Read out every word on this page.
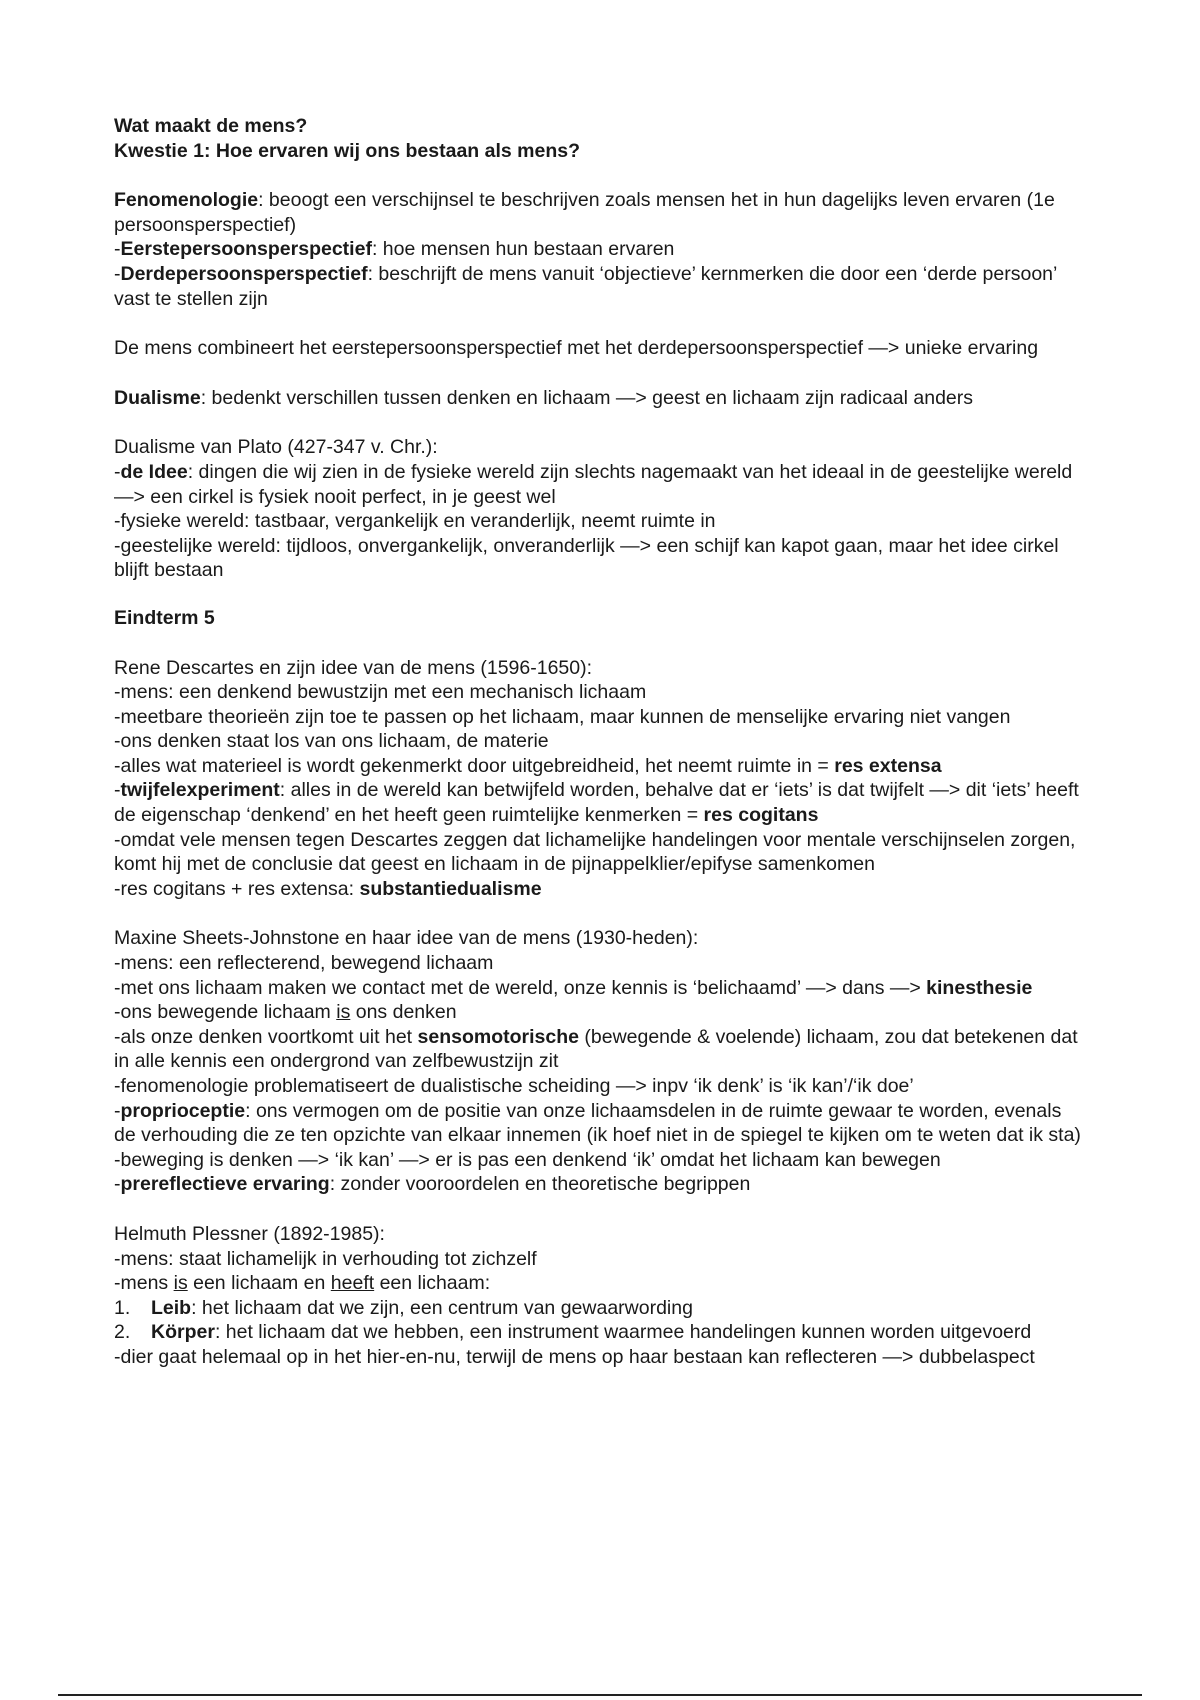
Wat maakt de mens?

Kwestie 1: Hoe ervaren wij ons bestaan als mens?

Fenomenologie: beoogt een verschijnsel te beschrijven zoals mensen het in hun dagelijks leven ervaren (1e persoonsperspectief)

-Eerstepersoonsperspectief: hoe mensen hun bestaan ervaren

-Derdepersoonsperspectief: beschrijft de mens vanuit ‘objectieve’ kernmerken die door een ‘derde persoon’ vast te stellen zijn

De mens combineert het eerstepersoonsperspectief met het derdepersoonsperspectief —> unieke ervaring

Dualisme: bedenkt verschillen tussen denken en lichaam —> geest en lichaam zijn radicaal anders

Dualisme van Plato (427-347 v. Chr.):

-de Idee: dingen die wij zien in de fysieke wereld zijn slechts nagemaakt van het ideaal in de geestelijke wereld —> een cirkel is fysiek nooit perfect, in je geest wel

-fysieke wereld: tastbaar, vergankelijk en veranderlijk, neemt ruimte in

-geestelijke wereld: tijdloos, onvergankelijk, onveranderlijk —> een schijf kan kapot gaan, maar het idee cirkel blijft bestaan

Eindterm 5

Rene Descartes en zijn idee van de mens (1596-1650):

-mens: een denkend bewustzijn met een mechanisch lichaam

-meetbare theorieën zijn toe te passen op het lichaam, maar kunnen de menselijke ervaring niet vangen

-ons denken staat los van ons lichaam, de materie

-alles wat materieel is wordt gekenmerkt door uitgebreidheid, het neemt ruimte in = res extensa

-twijfelexperiment: alles in de wereld kan betwijfeld worden, behalve dat er ‘iets’ is dat twijfelt —> dit ‘iets’ heeft de eigenschap ‘denkend’ en het heeft geen ruimtelijke kenmerken = res cogitans

-omdat vele mensen tegen Descartes zeggen dat lichamelijke handelingen voor mentale verschijnselen zorgen, komt hij met de conclusie dat geest en lichaam in de pijnappelklier/epifyse samenkomen

-res cogitans + res extensa: substantiedualisme

Maxine Sheets-Johnstone en haar idee van de mens (1930-heden):

-mens: een reflecterend, bewegend lichaam

-met ons lichaam maken we contact met de wereld, onze kennis is ‘belichaamd’ —> dans —> kinesthesie

-ons bewegende lichaam is ons denken

-als onze denken voortkomt uit het sensomotorische (bewegende & voelende) lichaam, zou dat betekenen dat in alle kennis een ondergrond van zelfbewustzijn zit

-fenomenologie problematiseert de dualistische scheiding —> inpv ‘ik denk’ is ‘ik kan’/‘ik doe’

-proprioceptie: ons vermogen om de positie van onze lichaamsdelen in de ruimte gewaar te worden, evenals de verhouding die ze ten opzichte van elkaar innemen (ik hoef niet in de spiegel te kijken om te weten dat ik sta)

-beweging is denken —> ‘ik kan’ —> er is pas een denkend ‘ik’ omdat het lichaam kan bewegen

-prereflectieve ervaring: zonder vooroordelen en theoretische begrippen

Helmuth Plessner (1892-1985):

-mens: staat lichamelijk in verhouding tot zichzelf

-mens is een lichaam en heeft een lichaam:

1. Leib: het lichaam dat we zijn, een centrum van gewaarwording
2. Körper: het lichaam dat we hebben, een instrument waarmee handelingen kunnen worden uitgevoerd

-dier gaat helemaal op in het hier-en-nu, terwijl de mens op haar bestaan kan reflecteren —> dubbelaspect
